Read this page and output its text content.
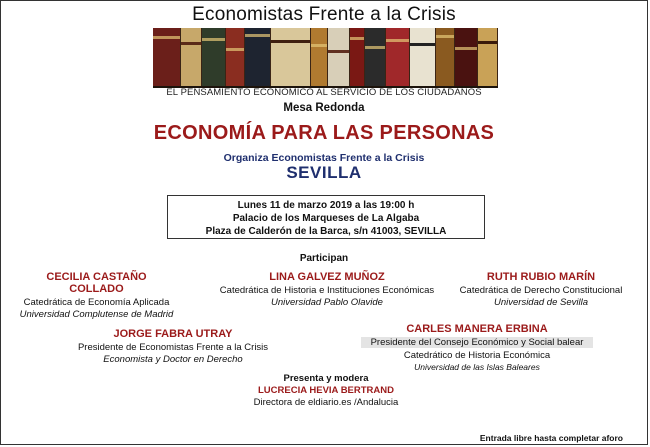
Economistas Frente a la Crisis
EL PENSAMIENTO ECONÓMICO AL SERVICIO DE LOS CIUDADANOS
Mesa Redonda
ECONOMÍA PARA LAS PERSONAS
Organiza Economistas Frente a la Crisis
SEVILLA
Lunes 11 de marzo 2019 a las 19:00 h
Palacio de los Marqueses de La Algaba
Plaza de Calderón de la Barca, s/n 41003, SEVILLA
Participan
CECILIA CASTAÑO COLLADO
Catedrática de Economía Aplicada
Universidad Complutense de Madrid
LINA GALVEZ MUÑOZ
Catedrática de Historia e Instituciones Económicas
Universidad Pablo Olavide
RUTH RUBIO MARÍN
Catedrática de Derecho Constitucional
Universidad de Sevilla
JORGE FABRA UTRAY
Presidente de Economistas Frente a la Crisis
Economista y Doctor en Derecho
CARLES MANERA ERBINA
Presidente del Consejo Económico y Social balear
Catedrático de Historia Económica
Universidad de las Islas Baleares
Presenta y modera
LUCRECIA HEVIA BERTRAND
Directora de eldiario.es /Andalucia
Entrada libre hasta completar aforo
